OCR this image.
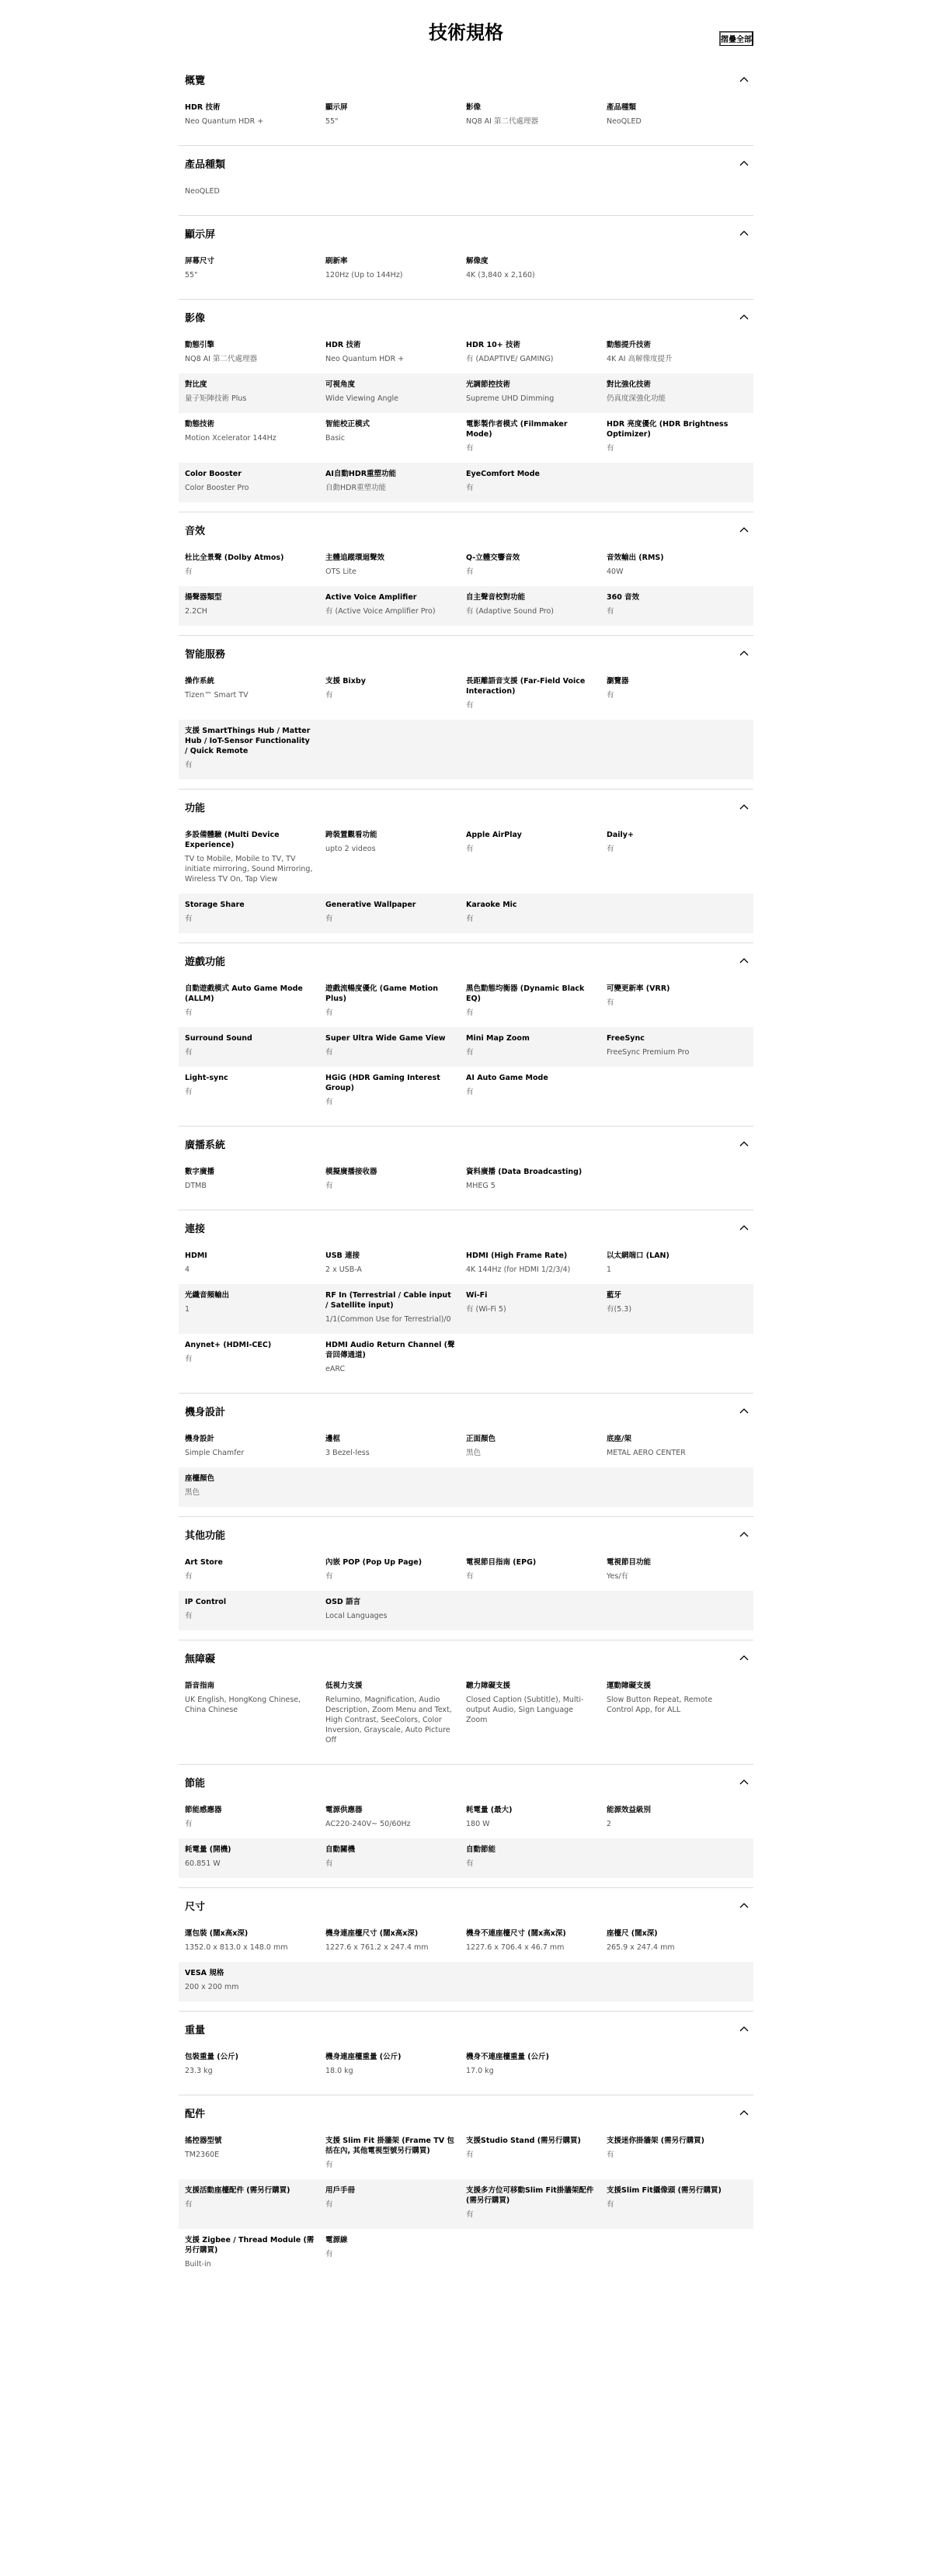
技術規格	摺疊全部
概覽
HDR 技術
Neo Quantum HDR +
顯示屏
55"
影像
NQ8 AI 第二代處理器
產品種類
NeoQLED
產品種類
NeoQLED
顯示屏
屏幕尺寸
55"
刷新率
120Hz (Up to 144Hz)
解像度
4K (3,840 x 2,160)
影像
動態引擎
NQ8 AI 第二代處理器
HDR 技術
Neo Quantum HDR +
HDR 10+ 技術
有 (ADAPTIVE/ GAMING)
動態提升技術
4K AI 高解像度提升
對比度
量子矩陣技術 Plus
可視角度
Wide Viewing Angle
光調節控技術
Supreme UHD Dimming
對比強化技術
仍真度深強化功能
動態技術
Motion Xcelerator 144Hz
智能校正模式
Basic
電影製作者模式 (Filmmaker Mode)
有
HDR 亮度優化 (HDR Brightness Optimizer)
有
Color Booster
Color Booster Pro
AI自動HDR重塑功能
自動HDR重塑功能
EyeComfort Mode
有
音效
杜比全景聲 (Dolby Atmos)
有
主體追蹤環迴聲效
OTS Lite
Q-立體交響音效
有
音效輸出 (RMS)
40W
揚聲器類型
2.2CH
Active Voice Amplifier
有 (Active Voice Amplifier Pro)
自主聲音校對功能
有 (Adaptive Sound Pro)
360 音效
有
智能服務
操作系統
Tizen™ Smart TV
支援 Bixby
有
長距離語音支援 (Far-Field Voice Interaction)
有
瀏覽器
有
支援 SmartThings Hub / Matter Hub / IoT-Sensor Functionality / Quick Remote
有
功能
多設備體驗 (Multi Device Experience)
TV to Mobile, Mobile to TV, TV initiate mirroring, Sound Mirroring, Wireless TV On, Tap View
跨裝置觀看功能
upto 2 videos
Apple AirPlay
有
Daily+
有
Storage Share
有
Generative Wallpaper
有
Karaoke Mic
有
遊戲功能
自動遊戲模式 Auto Game Mode (ALLM)
有
遊戲流暢度優化 (Game Motion Plus)
有
黑色動態均衡器 (Dynamic Black EQ)
有
可變更新率 (VRR)
有
Surround Sound
有
Super Ultra Wide Game View
有
Mini Map Zoom
有
FreeSync
FreeSync Premium Pro
Light-sync
有
HGiG (HDR Gaming Interest Group)
有
AI Auto Game Mode
有
廣播系統
數字廣播
DTMB
模擬廣播接收器
有
資料廣播 (Data Broadcasting)
MHEG 5
連接
HDMI
4
USB 連接
2 x USB-A
HDMI (High Frame Rate)
4K 144Hz (for HDMI 1/2/3/4)
以太網端口 (LAN)
1
光纖音頻輸出
1
RF In (Terrestrial / Cable input / Satellite input)
1/1(Common Use for Terrestrial)/0
Wi-Fi
有 (Wi-Fi 5)
藍牙
有(5.3)
Anynet+ (HDMI-CEC)
有
HDMI Audio Return Channel (聲音回傳通道)
eARC
機身設計
機身設計
Simple Chamfer
邊框
3 Bezel-less
正面顏色
黑色
底座/架
METAL AERO CENTER
座檯顏色
黑色
其他功能
Art Store
有
內嵌 POP (Pop Up Page)
有
電視節目指南 (EPG)
有
電視節目功能
Yes/有
IP Control
有
OSD 語言
Local Languages
無障礙
語音指南
UK English, HongKong Chinese, China Chinese
低視力支援
Relumino, Magnification, Audio Description, Zoom Menu and Text, High Contrast, SeeColors, Color Inversion, Grayscale, Auto Picture Off
聽力障礙支援
Closed Caption (Subtitle), Multi-output Audio, Sign Language Zoom
運動障礙支援
Slow Button Repeat, Remote Control App, for ALL
節能
節能感應器
有
電源供應器
AC220-240V~ 50/60Hz
耗電量 (最大)
180 W
能源效益級別
2
耗電量 (開機)
60.851 W
自動關機
有
自動節能
有
尺寸
運包裝 (闊x高x深)
1352.0 x 813.0 x 148.0 mm
機身連座檯尺寸 (闊x高x深)
1227.6 x 761.2 x 247.4 mm
機身不連座檯尺寸 (闊x高x深)
1227.6 x 706.4 x 46.7 mm
座檯尺 (闊x深)
265.9 x 247.4 mm
VESA 規格
200 x 200 mm
重量
包裝重量 (公斤)
23.3 kg
機身連座檯重量 (公斤)
18.0 kg
機身不連座檯重量 (公斤)
17.0 kg
配件
搖控器型號
TM2360E
支援 Slim Fit 掛牆架 (Frame TV 包括在內, 其他電視型號另行購買)
有
支援Studio Stand (需另行購買)
有
支援迷你掛牆架 (需另行購買)
有
支援活動座檯配件 (需另行購買)
有
用戶手冊
有
支援多方位可移動Slim Fit掛牆架配件 (需另行購買)
有
支援Slim Fit攝像頭 (需另行購買)
有
支援 Zigbee / Thread Module (需另行購買)
Built-in
電源線
有
